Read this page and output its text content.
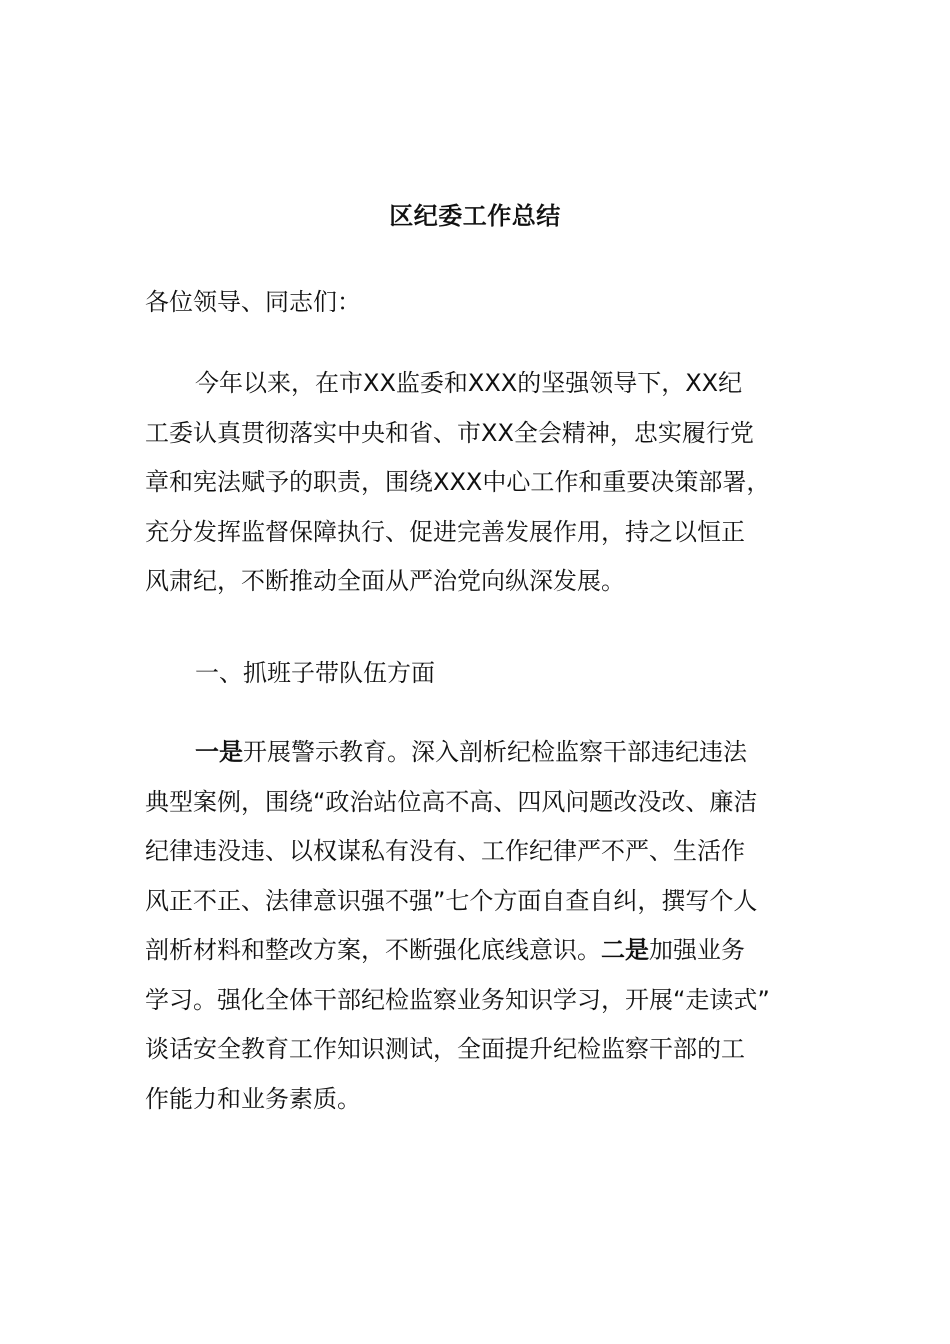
区纪委工作总结

各位领导、同志们：

今年以来，在市XX监委和XXX的坚强领导下，XX纪
工委认真贯彻落实中央和省、市XX全会精神，忠实履行党
章和宪法赋予的职责，围绕XXX中心工作和重要决策部署，
充分发挥监督保障执行、促进完善发展作用，持之以恒正
风肃纪，不断推动全面从严治党向纵深发展。

一、抓班子带队伍方面

一是开展警示教育。深入剖析纪检监察干部违纪违法
典型案例，围绕“政治站位高不高、四风问题改没改、廉洁
纪律违没违、以权谋私有没有、工作纪律严不严、生活作
风正不正、法律意识强不强”七个方面自查自纠，撰写个人
剖析材料和整改方案，不断强化底线意识。二是加强业务
学习。强化全体干部纪检监察业务知识学习，开展“走读式”
谈话安全教育工作知识测试，全面提升纪检监察干部的工
作能力和业务素质。
